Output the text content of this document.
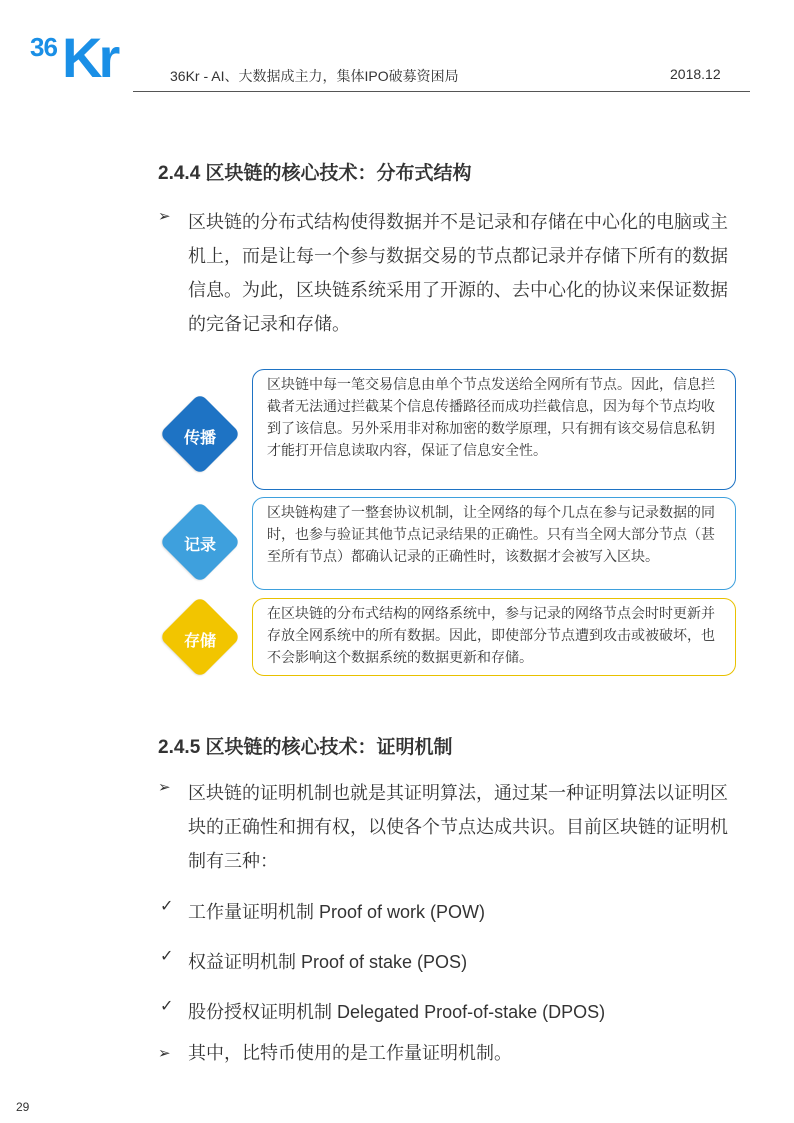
36 Kr	36Kr - AI、大数据成主力，集体IPO破募资困局	2018.12
2.4.4 区块链的核心技术：分布式结构
➢ 区块链的分布式结构使得数据并不是记录和存储在中心化的电脑或主机上，而是让每一个参与数据交易的节点都记录并存储下所有的数据信息。为此，区块链系统采用了开源的、去中心化的协议来保证数据的完备记录和存储。
传播
区块链中每一笔交易信息由单个节点发送给全网所有节点。因此，信息拦截者无法通过拦截某个信息传播路径而成功拦截信息，因为每个节点均收到了该信息。另外采用非对称加密的数学原理，只有拥有该交易信息私钥才能打开信息读取内容，保证了信息安全性。
记录
区块链构建了一整套协议机制，让全网络的每个几点在参与记录数据的同时，也参与验证其他节点记录结果的正确性。只有当全网大部分节点（甚至所有节点）都确认记录的正确性时，该数据才会被写入区块。
存储
在区块链的分布式结构的网络系统中，参与记录的网络节点会时时更新并存放全网系统中的所有数据。因此，即使部分节点遭到攻击或被破坏，也不会影响这个数据系统的数据更新和存储。
2.4.5 区块链的核心技术：证明机制
➢ 区块链的证明机制也就是其证明算法，通过某一种证明算法以证明区块的正确性和拥有权，以使各个节点达成共识。目前区块链的证明机制有三种：
✓ 工作量证明机制 Proof of work (POW)
✓ 权益证明机制 Proof of stake (POS)
✓ 股份授权证明机制 Delegated Proof-of-stake (DPOS)
➢ 其中，比特币使用的是工作量证明机制。
29
